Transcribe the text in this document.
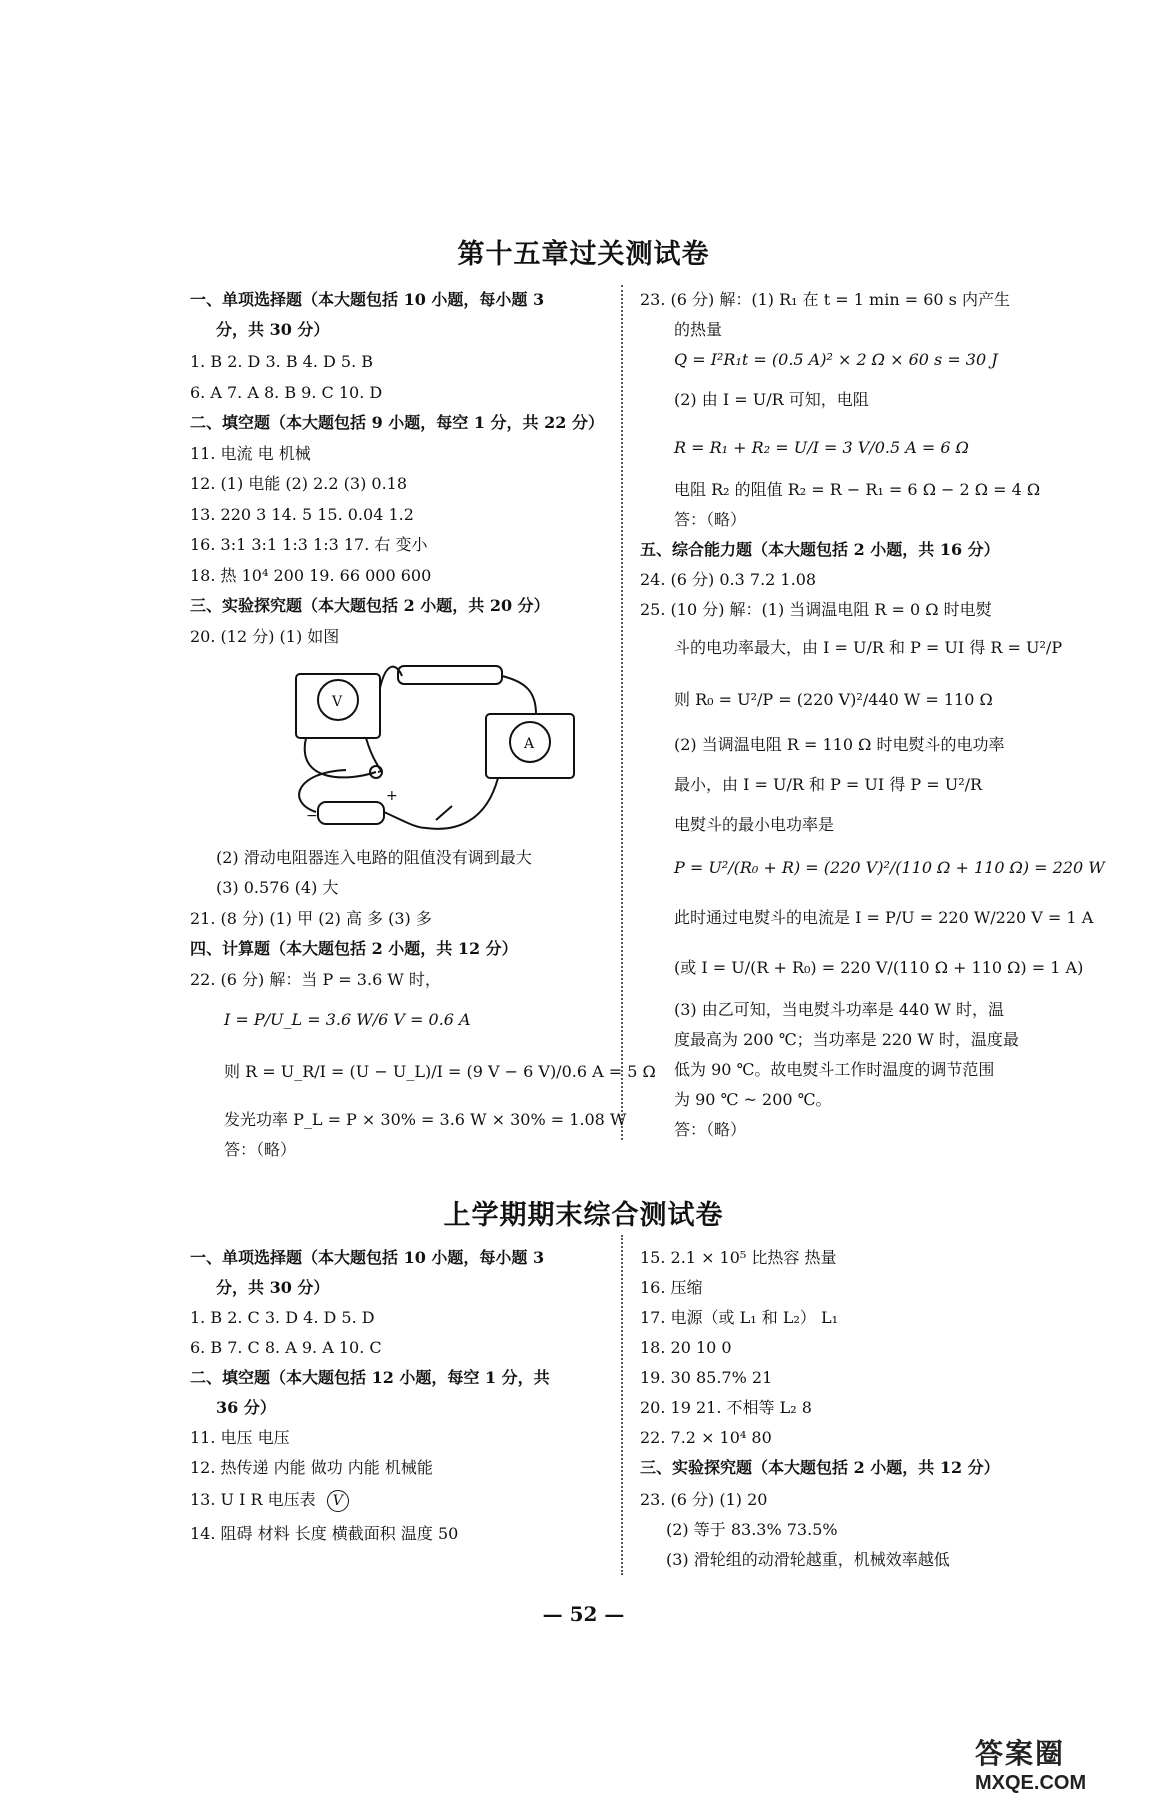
第十五章过关测试卷
上学期期末综合测试卷
一、单项选择题（本大题包括 10 小题，每小题 3
分，共 30 分）
1. B 2. D 3. B 4. D 5. B
6. A 7. A 8. B 9. C 10. D
二、填空题（本大题包括 9 小题，每空 1 分，共 22 分）
11. 电流 电 机械
12. (1) 电能 (2) 2.2 (3) 0.18
13. 220 3 14. 5 15. 0.04 1.2
16. 3:1 3:1 1:3 1:3 17. 右 变小
18. 热 10⁴ 200 19. 66 000 600
三、实验探究题（本大题包括 2 小题，共 20 分）
20. (12 分) (1) 如图
V
A
−
+
(2) 滑动电阻器连入电路的阻值没有调到最大
(3) 0.576 (4) 大
21. (8 分) (1) 甲 (2) 高 多 (3) 多
四、计算题（本大题包括 2 小题，共 12 分）
22. (6 分) 解：当 P = 3.6 W 时，
I = P/U_L = 3.6 W/6 V = 0.6 A
则 R = U_R/I = (U − U_L)/I = (9 V − 6 V)/0.6 A = 5 Ω
发光功率 P_L = P × 30% = 3.6 W × 30% = 1.08 W
答：（略）
23. (6 分) 解：(1) R₁ 在 t = 1 min = 60 s 内产生
的热量
Q = I²R₁t = (0.5 A)² × 2 Ω × 60 s = 30 J
(2) 由 I = U/R 可知，电阻
R = R₁ + R₂ = U/I = 3 V/0.5 A = 6 Ω
电阻 R₂ 的阻值 R₂ = R − R₁ = 6 Ω − 2 Ω = 4 Ω
答：（略）
五、综合能力题（本大题包括 2 小题，共 16 分）
24. (6 分) 0.3 7.2 1.08
25. (10 分) 解：(1) 当调温电阻 R = 0 Ω 时电熨
斗的电功率最大，由 I = U/R 和 P = UI 得 R = U²/P
则 R₀ = U²/P = (220 V)²/440 W = 110 Ω
(2) 当调温电阻 R = 110 Ω 时电熨斗的电功率
最小，由 I = U/R 和 P = UI 得 P = U²/R
电熨斗的最小电功率是
P = U²/(R₀ + R) = (220 V)²/(110 Ω + 110 Ω) = 220 W
此时通过电熨斗的电流是 I = P/U = 220 W/220 V = 1 A
(或 I = U/(R + R₀) = 220 V/(110 Ω + 110 Ω) = 1 A)
(3) 由乙可知，当电熨斗功率是 440 W 时，温
度最高为 200 ℃；当功率是 220 W 时，温度最
低为 90 ℃。故电熨斗工作时温度的调节范围
为 90 ℃ ~ 200 ℃。
答：（略）
一、单项选择题（本大题包括 10 小题，每小题 3
分，共 30 分）
1. B 2. C 3. D 4. D 5. D
6. B 7. C 8. A 9. A 10. C
二、填空题（本大题包括 12 小题，每空 1 分，共
36 分）
11. 电压 电压
12. 热传递 内能 做功 内能 机械能
13. U I R 电压表 V
14. 阻碍 材料 长度 横截面积 温度 50
15. 2.1 × 10⁵ 比热容 热量
16. 压缩
17. 电源（或 L₁ 和 L₂） L₁
18. 20 10 0
19. 30 85.7% 21
20. 19 21. 不相等 L₂ 8
22. 7.2 × 10⁴ 80
三、实验探究题（本大题包括 2 小题，共 12 分）
23. (6 分) (1) 20
(2) 等于 83.3% 73.5%
(3) 滑轮组的动滑轮越重，机械效率越低
— 52 —
答案圈
MXQE.COM
